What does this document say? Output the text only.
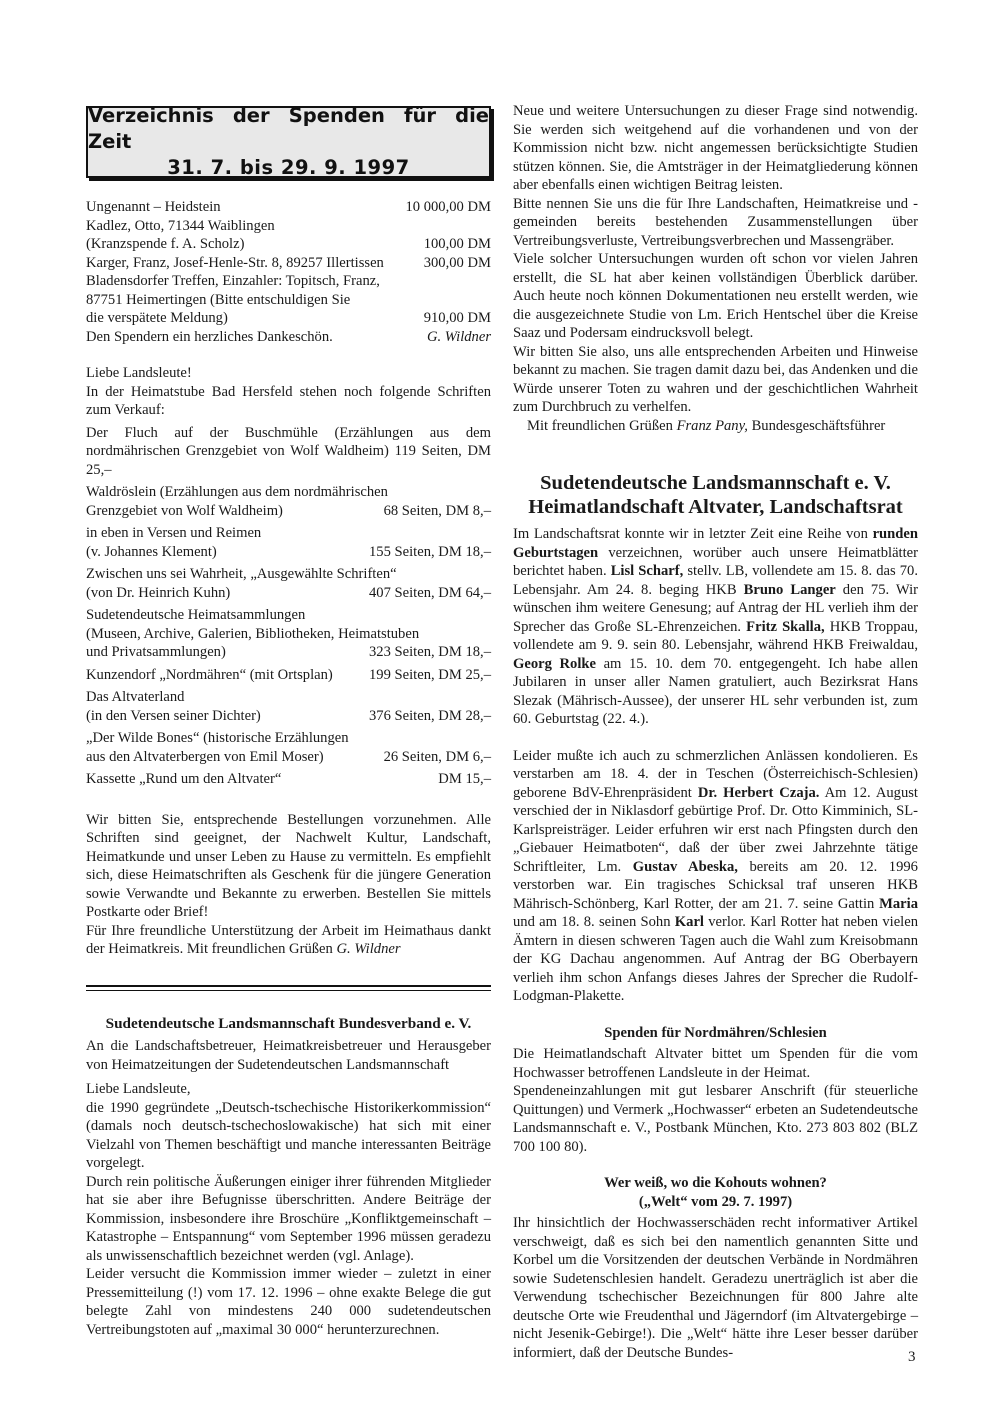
Verzeichnis der Spenden für die Zeit
31. 7. bis 29. 9. 1997
Ungenannt – Heidstein	10 000,00 DM
Kadlez, Otto, 71344 Waiblingen
(Kranzspende f. A. Scholz)	100,00 DM
Karger, Franz, Josef-Henle-Str. 8, 89257 Illertissen	300,00 DM
Bladensdorfer Treffen, Einzahler: Topitsch, Franz,
87751 Heimertingen (Bitte entschuldigen Sie
die verspätete Meldung)	910,00 DM
Den Spendern ein herzliches Dankeschön.	G. Wildner

Liebe Landsleute!

In der Heimatstube Bad Hersfeld stehen noch folgende Schriften zum Verkauf:

Der Fluch auf der Buschmühle (Erzählungen aus dem nordmährischen Grenzgebiet von Wolf Waldheim) 119 Seiten, DM 25,–

Waldröslein (Erzählungen aus dem nordmährischen

Grenzgebiet von Wolf Waldheim)	68 Seiten, DM 8,–

in eben in Versen und Reimen

(v. Johannes Klement)	155 Seiten, DM 18,–

Zwischen uns sei Wahrheit, „Ausgewählte Schriften“

(von Dr. Heinrich Kuhn)	407 Seiten, DM 64,–

Sudetendeutsche Heimatsammlungen

(Museen, Archive, Galerien, Bibliotheken, Heimatstuben

und Privatsammlungen)	323 Seiten, DM 18,–
Kunzendorf „Nordmähren“ (mit Ortsplan)	199 Seiten, DM 25,–

Das Altvaterland

(in den Versen seiner Dichter)	376 Seiten, DM 28,–

„Der Wilde Bones“ (historische Erzählungen

aus den Altvaterbergen von Emil Moser)	26 Seiten, DM 6,–
Kassette „Rund um den Altvater“	DM 15,–

Wir bitten Sie, entsprechende Bestellungen vorzunehmen. Alle Schriften sind geeignet, der Nachwelt Kultur, Landschaft, Heimatkunde und unser Leben zu Hause zu vermitteln. Es empfiehlt sich, diese Heimatschriften als Geschenk für die jüngere Generation sowie Verwandte und Bekannte zu erwerben. Bestellen Sie mittels Postkarte oder Brief!

Für Ihre freundliche Unterstützung der Arbeit im Heimathaus dankt der Heimatkreis. Mit freundlichen Grüßen G. Wildner

Sudetendeutsche Landsmannschaft Bundesverband e. V.

An die Landschaftsbetreuer, Heimatkreisbetreuer und Herausgeber von Heimatzeitungen der Sudetendeutschen Landsmannschaft

Liebe Landsleute,

die 1990 gegründete „Deutsch-tschechische Historikerkommission“ (damals noch deutsch-tschechoslowakische) hat sich mit einer Vielzahl von Themen beschäftigt und manche interessanten Beiträge vorgelegt.

Durch rein politische Äußerungen einiger ihrer führenden Mitglieder hat sie aber ihre Befugnisse überschritten. Andere Beiträge der Kommission, insbesondere ihre Broschüre „Konfliktgemeinschaft – Katastrophe – Entspannung“ vom September 1996 müssen geradezu als unwissenschaftlich bezeichnet werden (vgl. Anlage).

Leider versucht die Kommission immer wieder – zuletzt in einer Pressemitteilung (!) vom 17. 12. 1996 – ohne exakte Belege die gut belegte Zahl von mindestens 240 000 sudetendeutschen Vertreibungstoten auf „maximal 30 000“ herunterzurechnen.

Neue und weitere Untersuchungen zu dieser Frage sind notwendig. Sie werden sich weitgehend auf die vorhandenen und von der Kommission nicht bzw. nicht angemessen berücksichtigte Studien stützen können. Sie, die Amtsträger in der Heimatgliederung können aber ebenfalls einen wichtigen Beitrag leisten.

Bitte nennen Sie uns die für Ihre Landschaften, Heimatkreise und -gemeinden bereits bestehenden Zusammenstellungen über Vertreibungsverluste, Vertreibungsverbrechen und Massengräber.

Viele solcher Untersuchungen wurden oft schon vor vielen Jahren erstellt, die SL hat aber keinen vollständigen Überblick darüber. Auch heute noch können Dokumentationen neu erstellt werden, wie die ausgezeichnete Studie von Lm. Erich Hentschel über die Kreise Saaz und Podersam eindrucksvoll belegt.

Wir bitten Sie also, uns alle entsprechenden Arbeiten und Hinweise bekannt zu machen. Sie tragen damit dazu bei, das Andenken und die Würde unserer Toten zu wahren und der geschichtlichen Wahrheit zum Durchbruch zu verhelfen.

Mit freundlichen Grüßen Franz Pany, Bundesgeschäftsführer

Sudetendeutsche Landsmannschaft e. V.
Heimatlandschaft Altvater, Landschaftsrat

Im Landschaftsrat konnte wir in letzter Zeit eine Reihe von runden Geburtstagen verzeichnen, worüber auch unsere Heimatblätter berichtet haben. Lisl Scharf, stellv. LB, vollendete am 15. 8. das 70. Lebensjahr. Am 24. 8. beging HKB Bruno Langer den 75. Wir wünschen ihm weitere Genesung; auf Antrag der HL verlieh ihm der Sprecher das Große SL-Ehrenzeichen. Fritz Skalla, HKB Troppau, vollendete am 9. 9. sein 80. Lebensjahr, während HKB Freiwaldau, Georg Rolke am 15. 10. dem 70. entgegengeht. Ich habe allen Jubilaren in unser aller Namen gratuliert, auch Bezirksrat Hans Slezak (Mährisch-Aussee), der unserer HL sehr verbunden ist, zum 60. Geburtstag (22. 4.).

Leider mußte ich auch zu schmerzlichen Anlässen kondolieren. Es verstarben am 18. 4. der in Teschen (Österreichisch-Schlesien) geborene BdV-Ehrenpräsident Dr. Herbert Czaja. Am 12. August verschied der in Niklasdorf gebürtige Prof. Dr. Otto Kimminich, SL-Karlspreisträger. Leider erfuhren wir erst nach Pfingsten durch den „Giebauer Heimatboten“, daß der über zwei Jahrzehnte tätige Schriftleiter, Lm. Gustav Abeska, bereits am 20. 12. 1996 verstorben war. Ein tragisches Schicksal traf unseren HKB Mährisch-Schönberg, Karl Rotter, der am 21. 7. seine Gattin Maria und am 18. 8. seinen Sohn Karl verlor. Karl Rotter hat neben vielen Ämtern in diesen schweren Tagen auch die Wahl zum Kreisobmann der KG Dachau angenommen. Auf Antrag der BG Oberbayern verlieh ihm schon Anfangs dieses Jahres der Sprecher die Rudolf-Lodgman-Plakette.

Spenden für Nordmähren/Schlesien

Die Heimatlandschaft Altvater bittet um Spenden für die vom Hochwasser betroffenen Landsleute in der Heimat.

Spendeneinzahlungen mit gut lesbarer Anschrift (für steuerliche Quittungen) und Vermerk „Hochwasser“ erbeten an Sudetendeutsche Landsmannschaft e. V., Postbank München, Kto. 273 803 802 (BLZ 700 100 80).

Wer weiß, wo die Kohouts wohnen?
(„Welt“ vom 29. 7. 1997)

Ihr hinsichtlich der Hochwasserschäden recht informativer Artikel verschweigt, daß es sich bei den namentlich genannten Sitte und Korbel um die Vorsitzenden der deutschen Verbände in Nordmähren sowie Sudetenschlesien handelt. Geradezu unerträglich ist aber die Verwendung tschechischer Bezeichnungen für 800 Jahre alte deutsche Orte wie Freudenthal und Jägerndorf (im Altvatergebirge – nicht Jesenik-Gebirge!). Die „Welt“ hätte ihre Leser besser darüber informiert, daß der Deutsche Bundes-	3
